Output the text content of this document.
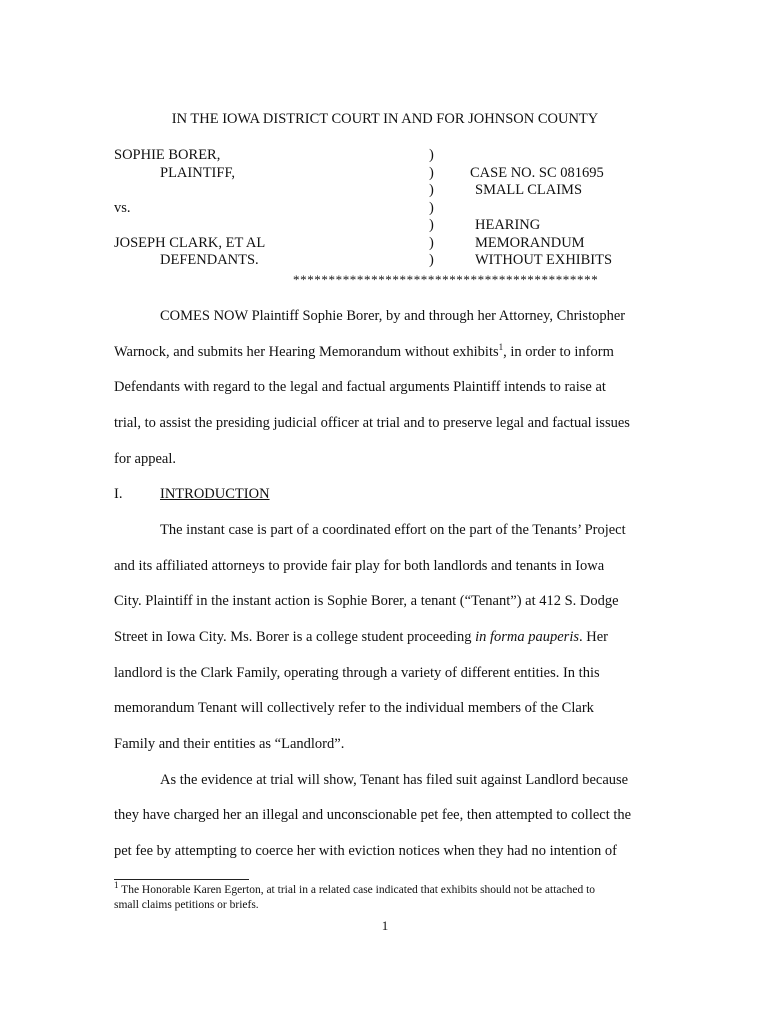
IN THE IOWA DISTRICT COURT IN AND FOR JOHNSON COUNTY
SOPHIE BORER,
PLAINTIFF,
vs.
JOSEPH CLARK, ET AL
DEFENDANTS.
)
)
)
)
)
)
)
CASE NO. SC 081695
SMALL CLAIMS
HEARING
MEMORANDUM
WITHOUT EXHIBITS
*******************************************
COMES NOW Plaintiff Sophie Borer, by and through her Attorney, Christopher
Warnock, and submits her Hearing Memorandum without exhibits$^1$, in order to inform
Defendants with regard to the legal and factual arguments Plaintiff intends to raise at
trial, to assist the presiding judicial officer at trial and to preserve legal and factual issues
for appeal.
I.	INTRODUCTION
The instant case is part of a coordinated effort on the part of the Tenants’ Project
and its affiliated attorneys to provide fair play for both landlords and tenants in Iowa
City. Plaintiff in the instant action is Sophie Borer, a tenant (“Tenant”) at 412 S. Dodge
Street in Iowa City. Ms. Borer is a college student proceeding in forma pauperis. Her
landlord is the Clark Family, operating through a variety of different entities. In this
memorandum Tenant will collectively refer to the individual members of the Clark
Family and their entities as “Landlord”.
As the evidence at trial will show, Tenant has filed suit against Landlord because
they have charged her an illegal and unconscionable pet fee, then attempted to collect the
pet fee by attempting to coerce her with eviction notices when they had no intention of
$^1$ The Honorable Karen Egerton, at trial in a related case indicated that exhibits should not be attached to
small claims petitions or briefs.
1
